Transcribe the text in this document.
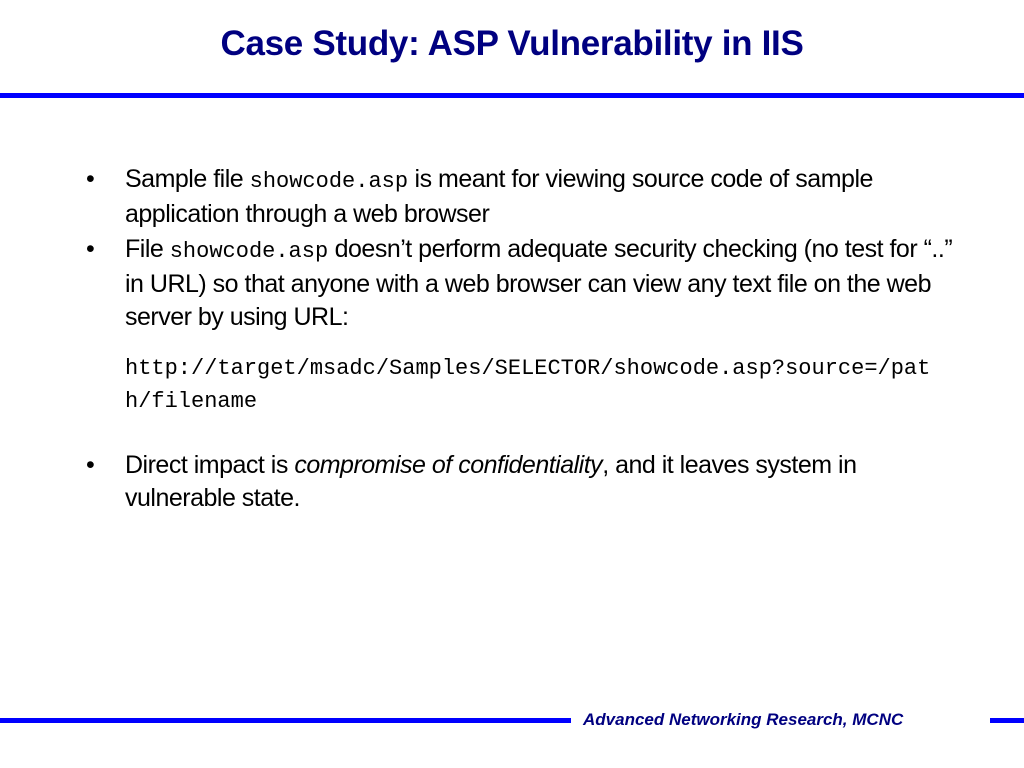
Case Study: ASP Vulnerability in IIS
• Sample file showcode.asp is meant for viewing source code of sample application through a web browser
• File showcode.asp doesn’t perform adequate security checking (no test for “..” in URL) so that anyone with a web browser can view any text file on the web server by using URL:
http://target/msadc/Samples/SELECTOR/showcode.asp?source=/path/filename
• Direct impact is compromise of confidentiality, and it leaves system in vulnerable state.
Advanced Networking Research, MCNC
